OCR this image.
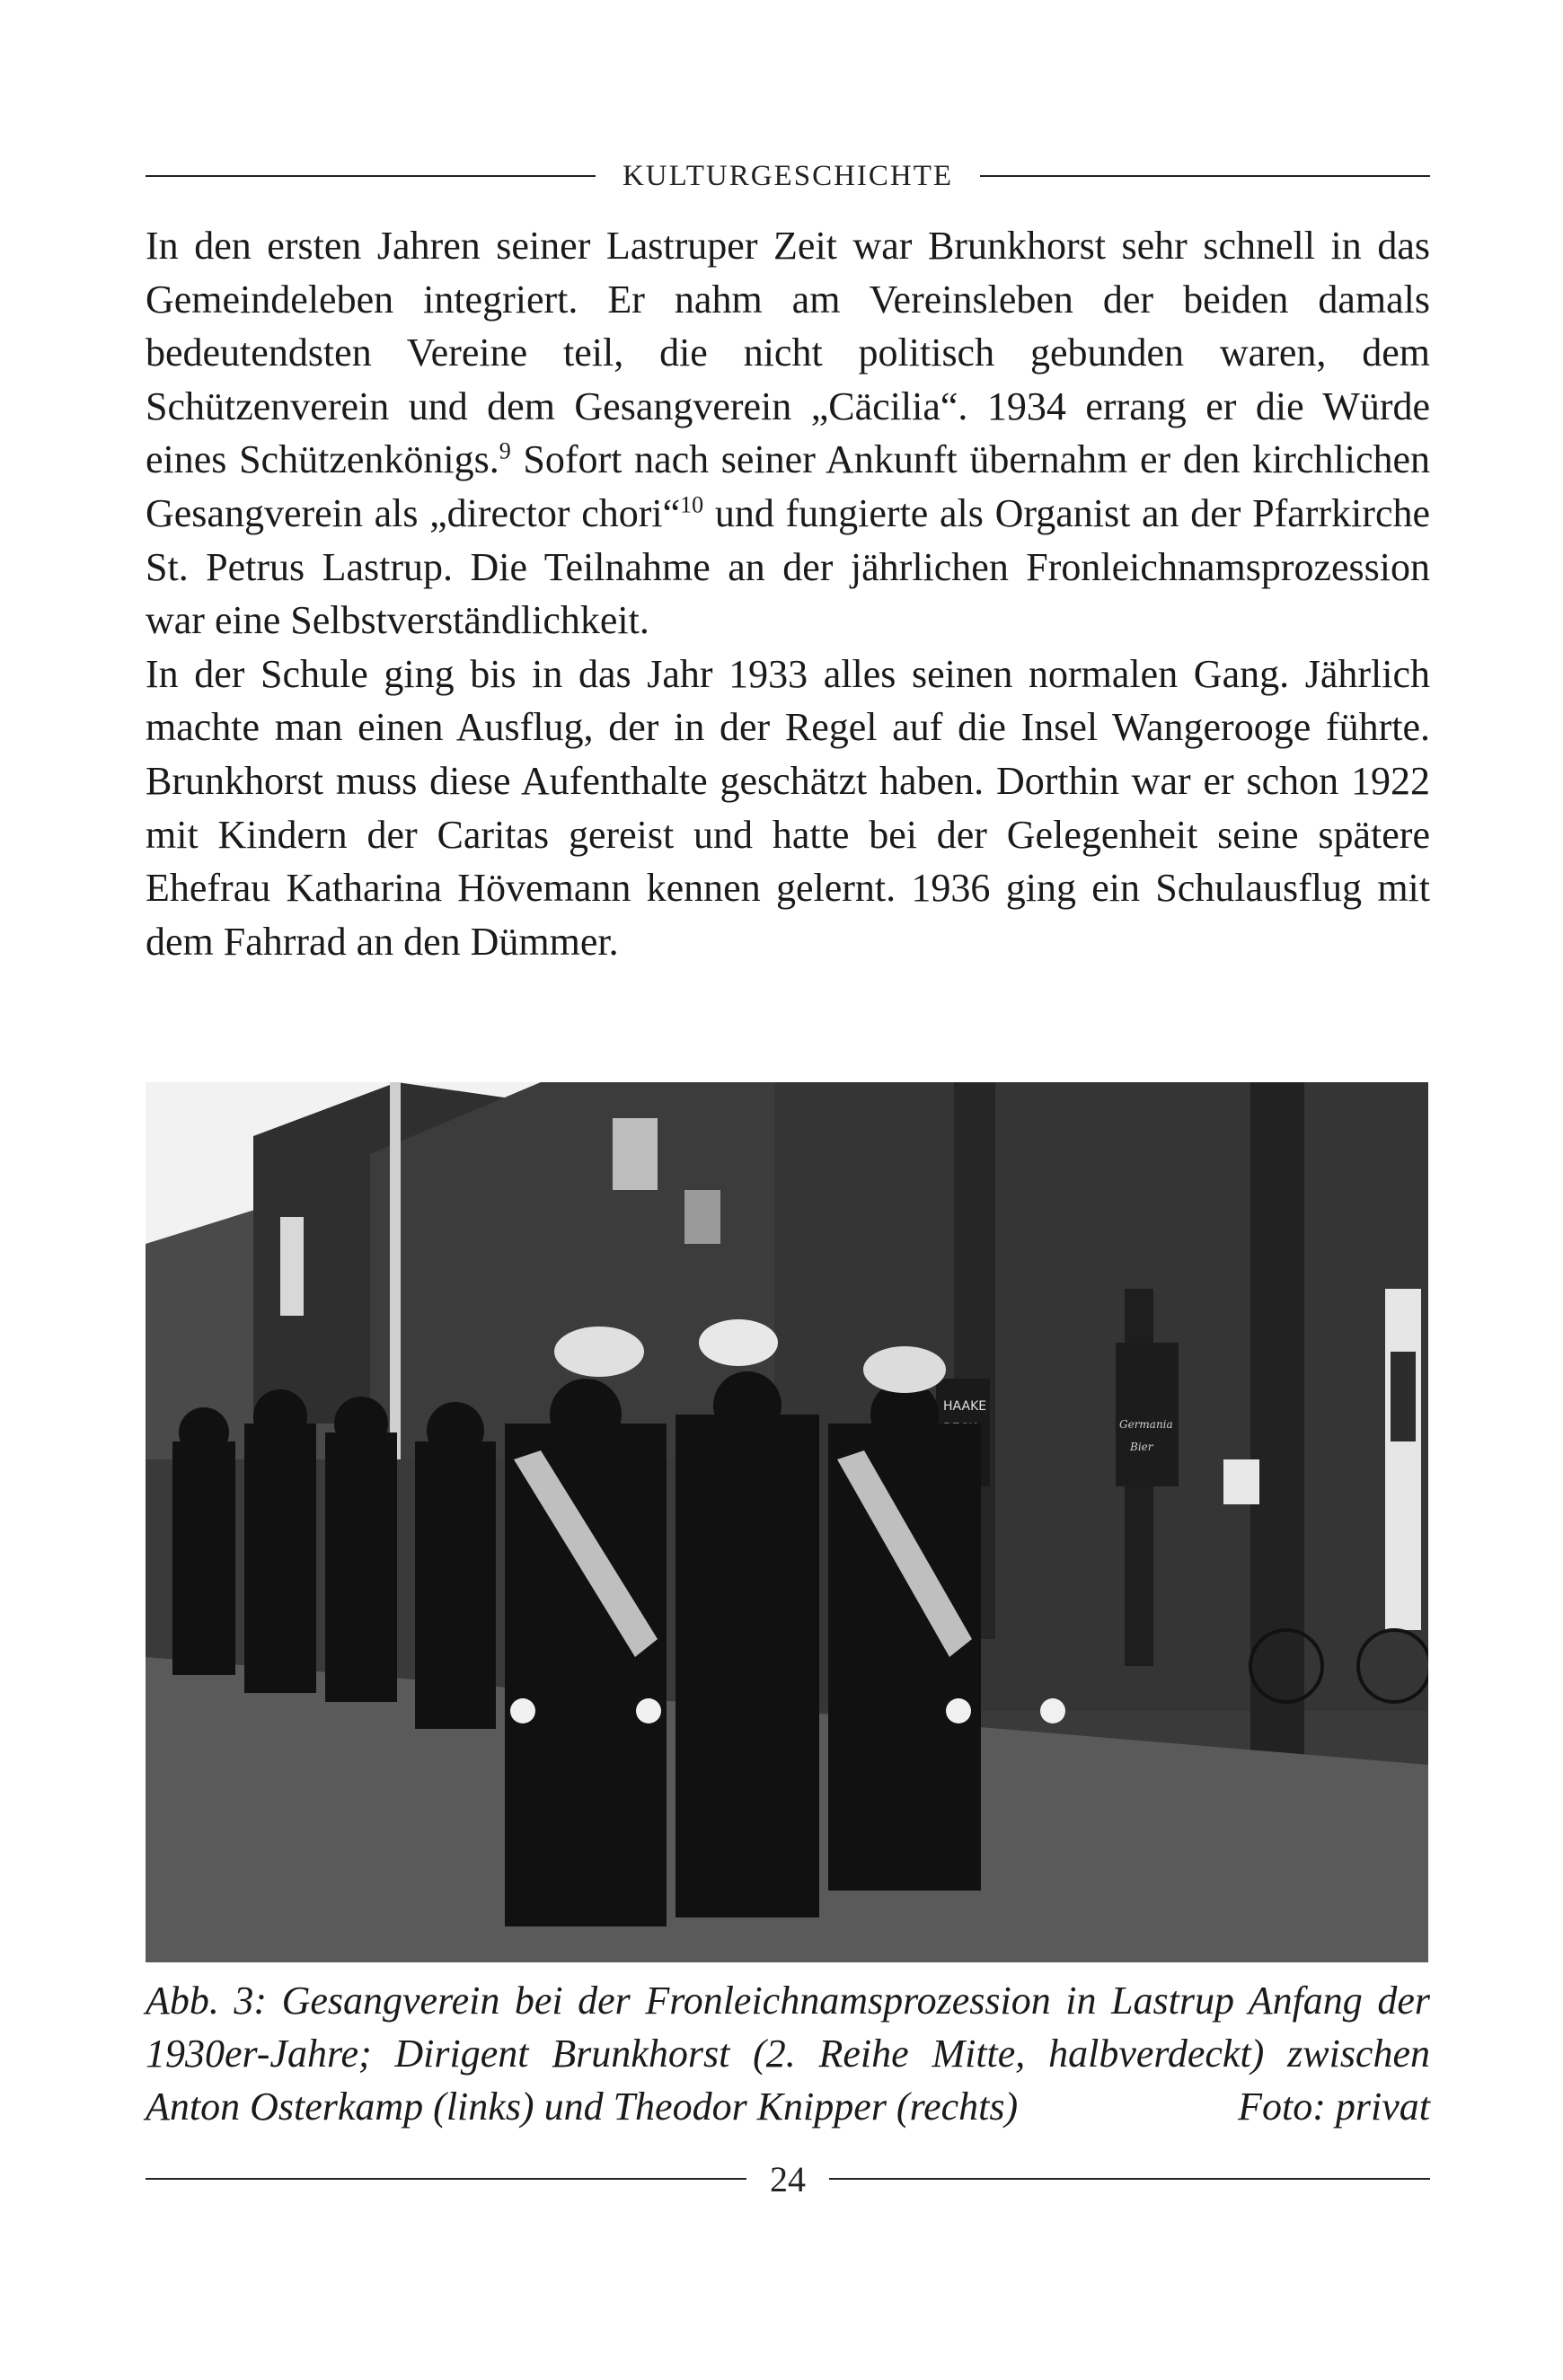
KULTURGESCHICHTE

In den ersten Jahren seiner Lastruper Zeit war Brunkhorst sehr schnell in das Gemeindeleben integriert. Er nahm am Vereinsleben der beiden damals bedeutendsten Vereine teil, die nicht politisch gebunden waren, dem Schützenverein und dem Gesangverein „Cäcilia“. 1934 errang er die Würde eines Schützenkönigs.$^9$ Sofort nach seiner Ankunft übernahm er den kirchlichen Gesangverein als „director chori“$^{10}$ und fungierte als Organist an der Pfarrkirche St. Petrus Lastrup. Die Teilnahme an der jährlichen Fronleichnamsprozession war eine Selbstverständlichkeit.

In der Schule ging bis in das Jahr 1933 alles seinen normalen Gang. Jährlich machte man einen Ausflug, der in der Regel auf die Insel Wangerooge führte. Brunkhorst muss diese Aufenthalte geschätzt haben. Dorthin war er schon 1922 mit Kindern der Caritas gereist und hatte bei der Gelegenheit seine spätere Ehefrau Katharina Hövemann kennen gelernt. 1936 ging ein Schulausflug mit dem Fahrrad an den Dümmer.

HAAKE
Germania
Bier
Abb. 3: Gesangverein bei der Fronleichnamsprozession in Lastrup Anfang der 1930er-Jahre; Dirigent Brunkhorst (2. Reihe Mitte, halbverdeckt) zwischen Anton Osterkamp (links) und Theodor Knipper (rechts)	Foto: privat
24
